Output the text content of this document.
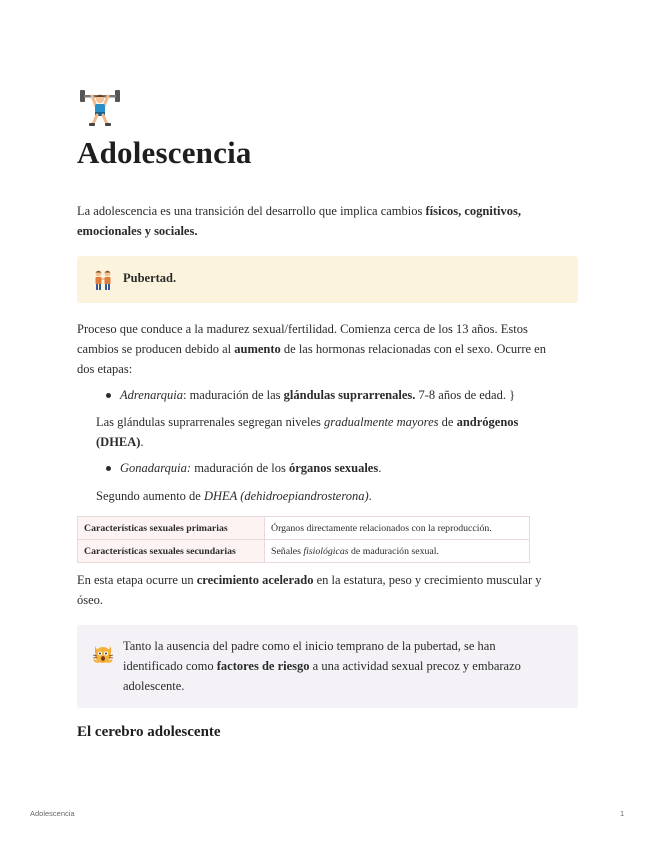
Adolescencia

La adolescencia es una transición del desarrollo que implica cambios físicos, cognitivos,
emocionales y sociales.

Pubertad.

Proceso que conduce a la madurez sexual/fertilidad. Comienza cerca de los 13 años. Estos
cambios se producen debido al aumento de las hormonas relacionadas con el sexo. Ocurre en
dos etapas:

Adrenarquia: maduración de las glándulas suprarrenales. 7-8 años de edad. }

Las glándulas suprarrenales segregan niveles gradualmente mayores de andrógenos
(DHEA).

Gonadarquia: maduración de los órganos sexuales.

Segundo aumento de DHEA (dehidroepiandrosterona).

Características sexuales primarias	Órganos directamente relacionados con la reproducción.
Características sexuales secundarias	Señales fisiológicas de maduración sexual.

En esta etapa ocurre un crecimiento acelerado en la estatura, peso y crecimiento muscular y
óseo.

Tanto la ausencia del padre como el inicio temprano de la pubertad, se han
identificado como factores de riesgo a una actividad sexual precoz y embarazo
adolescente.
El cerebro adolescente
Adolescencia	1
